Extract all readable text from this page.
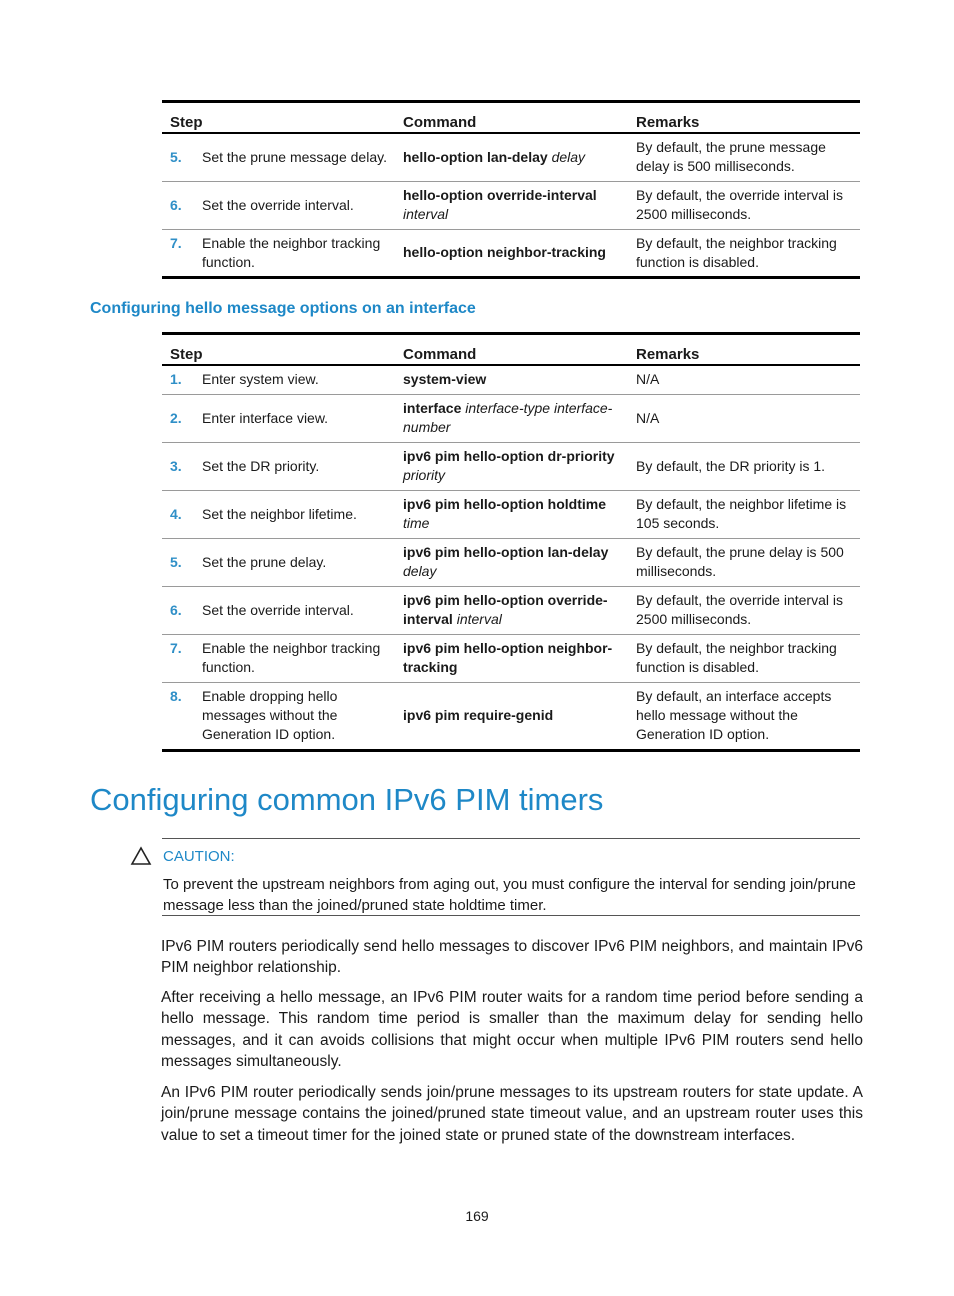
Step	Command	Remarks

5. Set the prune message delay.	hello-option lan-delay delay	By default, the prune message delay is 500 milliseconds.

6. Set the override interval.	hello-option override-interval
interval	By default, the override interval is 2500 milliseconds.

7. Enable the neighbor tracking function.	hello-option neighbor-tracking	By default, the neighbor tracking function is disabled.
Configuring hello message options on an interface
Step	Command	Remarks

1. Enter system view.	system-view	N/A

2. Enter interface view.	interface interface-type interface-number	N/A

3. Set the DR priority.	ipv6 pim hello-option dr-priority
priority	By default, the DR priority is 1.

4. Set the neighbor lifetime.	ipv6 pim hello-option holdtime
time	By default, the neighbor lifetime is 105 seconds.

5. Set the prune delay.	ipv6 pim hello-option lan-delay
delay	By default, the prune delay is 500 milliseconds.

6. Set the override interval.	ipv6 pim hello-option override-interval interval	By default, the override interval is 2500 milliseconds.

7. Enable the neighbor tracking function.	ipv6 pim hello-option neighbor-tracking	By default, the neighbor tracking function is disabled.

8. Enable dropping hello messages without the Generation ID option.	ipv6 pim require-genid	By default, an interface accepts hello message without the Generation ID option.
Configuring common IPv6 PIM timers
CAUTION:

To prevent the upstream neighbors from aging out, you must configure the interval for sending join/prune message less than the joined/pruned state holdtime timer.

IPv6 PIM routers periodically send hello messages to discover IPv6 PIM neighbors, and maintain IPv6 PIM neighbor relationship.

After receiving a hello message, an IPv6 PIM router waits for a random time period before sending a hello message. This random time period is smaller than the maximum delay for sending hello messages, and it can avoids collisions that might occur when multiple IPv6 PIM routers send hello messages simultaneously.

An IPv6 PIM router periodically sends join/prune messages to its upstream routers for state update. A join/prune message contains the joined/pruned state timeout value, and an upstream router uses this value to set a timeout timer for the joined state or pruned state of the downstream interfaces.

169
